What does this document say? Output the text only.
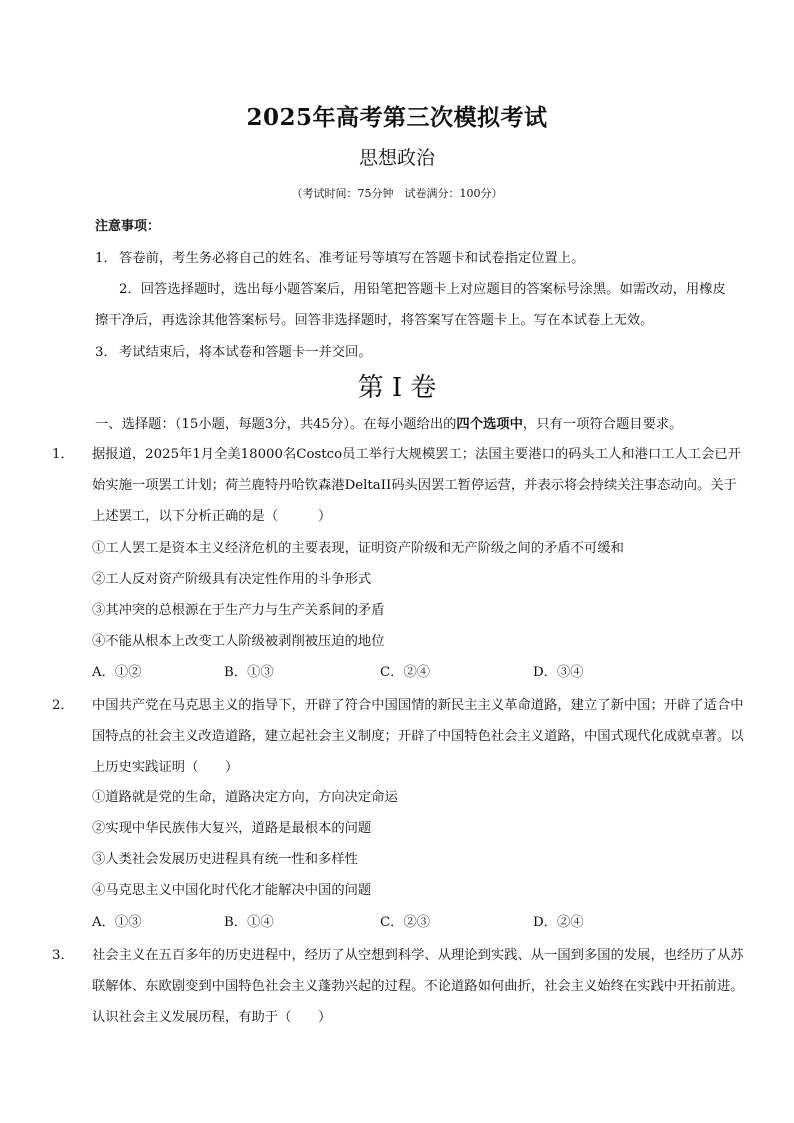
2025年高考第三次模拟考试
思想政治
（考试时间：75分钟　试卷满分：100分）
注意事项：
1． 答卷前，考生务必将自己的姓名、准考证号等填写在答题卡和试卷指定位置上。
2．回答选择题时，选出每小题答案后，用铅笔把答题卡上对应题目的答案标号涂黑。如需改动，用橡皮擦干净后，再选涂其他答案标号。回答非选择题时，将答案写在答题卡上。写在本试卷上无效。
3． 考试结束后，将本试卷和答题卡一并交回。
第 I 卷
一、选择题：（15小题，每题3分，共45分）。在每小题给出的四个选项中，只有一项符合题目要求。
1． 据报道，2025年1月全美18000名Costco员工举行大规模罢工；法国主要港口的码头工人和港口工人工会已开始实施一项罢工计划；荷兰鹿特丹哈钦森港DeltaII码头因罢工暂停运营，并表示将会持续关注事态动向。关于上述罢工，以下分析正确的是（　　　）
①工人罢工是资本主义经济危机的主要表现，证明资产阶级和无产阶级之间的矛盾不可缓和
②工人反对资产阶级具有决定性作用的斗争形式
③其冲突的总根源在于生产力与生产关系间的矛盾
④不能从根本上改变工人阶级被剥削被压迫的地位
A．①②	B．①③	C．②④	D．③④
2． 中国共产党在马克思主义的指导下，开辟了符合中国国情的新民主主义革命道路，建立了新中国；开辟了适合中国特点的社会主义改造道路，建立起社会主义制度；开辟了中国特色社会主义道路，中国式现代化成就卓著。以上历史实践证明（　　）
①道路就是党的生命，道路决定方向，方向决定命运
②实现中华民族伟大复兴，道路是最根本的问题
③人类社会发展历史进程具有统一性和多样性
④马克思主义中国化时代化才能解决中国的问题
A．①③	B．①④	C．②③	D．②④
3． 社会主义在五百多年的历史进程中，经历了从空想到科学、从理论到实践、从一国到多国的发展，也经历了从苏联解体、东欧剧变到中国特色社会主义蓬勃兴起的过程。不论道路如何曲折，社会主义始终在实践中开拓前进。认识社会主义发展历程，有助于（　　）
